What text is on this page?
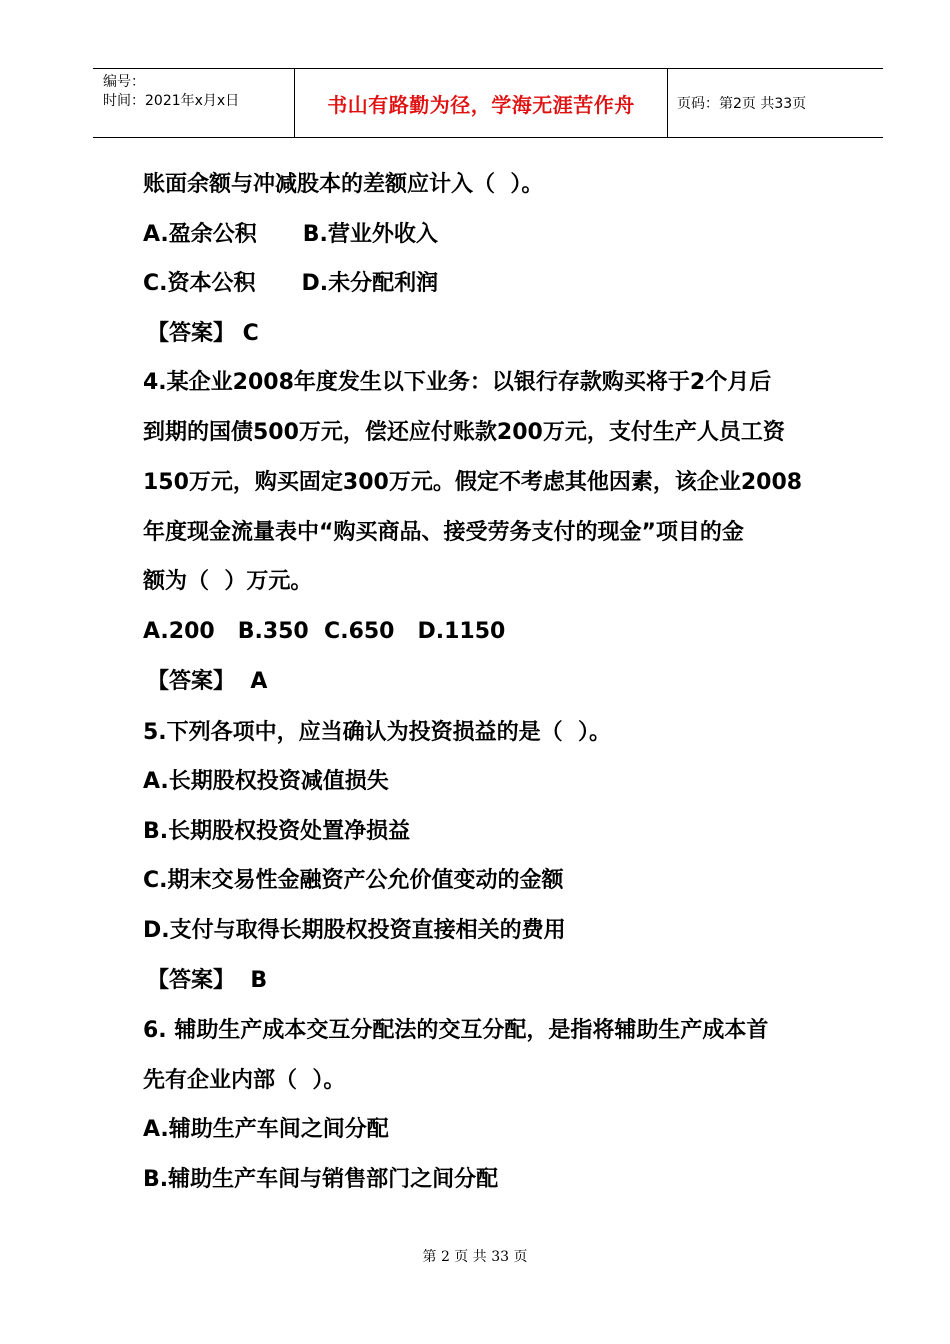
编号：
时间：2021年x月x日	书山有路勤为径，学海无涯苦作舟	页码：第2页 共33页
账面余额与冲减股本的差额应计入（  ）。
A.盈余公积      B.营业外收入
C.资本公积      D.未分配利润
【答案】 C
4.某企业2008年度发生以下业务：以银行存款购买将于2个月后
到期的国债500万元，偿还应付账款200万元，支付生产人员工资
150万元，购买固定300万元。假定不考虑其他因素，该企业2008
年度现金流量表中“购买商品、接受劳务支付的现金”项目的金
额为（  ）万元。
A.200   B.350  C.650   D.1150
【答案】  A
5.下列各项中，应当确认为投资损益的是（  ）。
A.长期股权投资减值损失
B.长期股权投资处置净损益
C.期末交易性金融资产公允价值变动的金额
D.支付与取得长期股权投资直接相关的费用
【答案】  B
6. 辅助生产成本交互分配法的交互分配，是指将辅助生产成本首
先有企业内部（  ）。
A.辅助生产车间之间分配
B.辅助生产车间与销售部门之间分配
第 2 页 共 33 页
